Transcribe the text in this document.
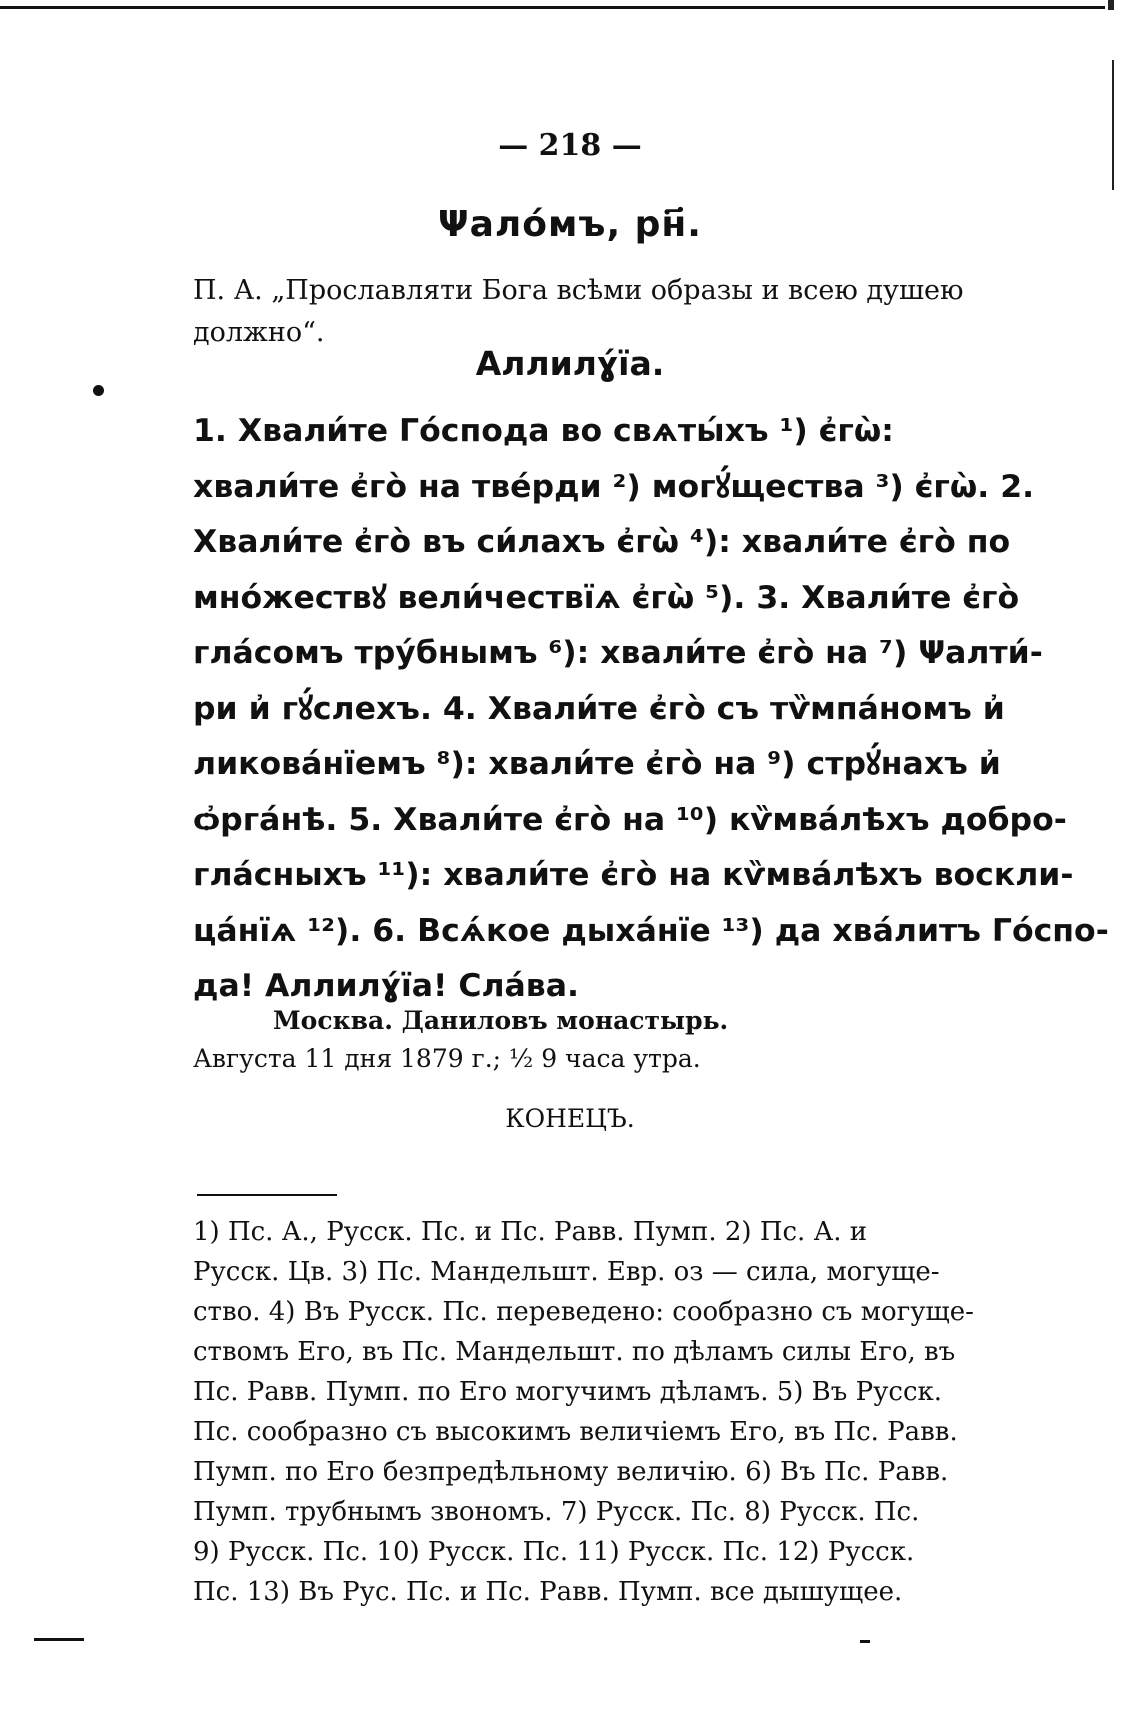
— 218 —
Ψалóмъ, рн҃.
П. А. „Прославляти Бога всѣми образы и всею душею должно“.
Аллилɣ́їа.
1. Хвали́те Го́спода во свѧты́хъ ¹) є҆гѡ̀:
хвали́те є҆го̀ на тве́рди ²) могꙋ́щества ³) є҆гѡ̀. 2.
Хвали́те є҆го̀ въ си́лахъ є҆гѡ̀ ⁴): хвали́те є҆го̀ по
мно́жествꙋ вели́чествїѧ є҆гѡ̀ ⁵). 3. Хвали́те є҆го̀
гла́сомъ тру́бнымъ ⁶): хвали́те є҆го̀ на ⁷) Ψалти́-
ри и҆ гꙋ́слехъ. 4. Хвали́те є҆го̀ съ тѷмпа́номъ и҆
ликова́нїемъ ⁸): хвали́те є҆го̀ на ⁹) стрꙋ́нахъ и҆
ѻ҆рга́нѣ. 5. Хвали́те є҆го̀ на ¹⁰) кѷмва́лѣхъ добро-
гла́сныхъ ¹¹): хвали́те є҆го̀ на кѷмва́лѣхъ воскли-
ца́нїѧ ¹²). 6. Всѧ́кое дыха́нїе ¹³) да хва́литъ Го́спо-
да! Аллилɣ́їа! Сла́ва.
Москва. Даниловъ монастырь.
Августа 11 дня 1879 г.; ½ 9 часа утра.
КОНЕЦЪ.
1) Пс. А., Русск. Пс. и Пс. Равв. Пумп. 2) Пс. А. и
Русск. Цв. 3) Пс. Мандельшт. Евр. оз — сила, могуще-
ство. 4) Въ Русск. Пс. переведено: сообразно съ могуще-
ствомъ Его, въ Пс. Мандельшт. по дѣламъ силы Его, въ
Пс. Равв. Пумп. по Его могучимъ дѣламъ. 5) Въ Русск.
Пс. сообразно съ высокимъ величіемъ Его, въ Пс. Равв.
Пумп. по Его безпредѣльному величію. 6) Въ Пс. Равв.
Пумп. трубнымъ звономъ. 7) Русск. Пс. 8) Русск. Пс.
9) Русск. Пс. 10) Русск. Пс. 11) Русск. Пс. 12) Русск.
Пс. 13) Въ Рус. Пс. и Пс. Равв. Пумп. все дышущее.
